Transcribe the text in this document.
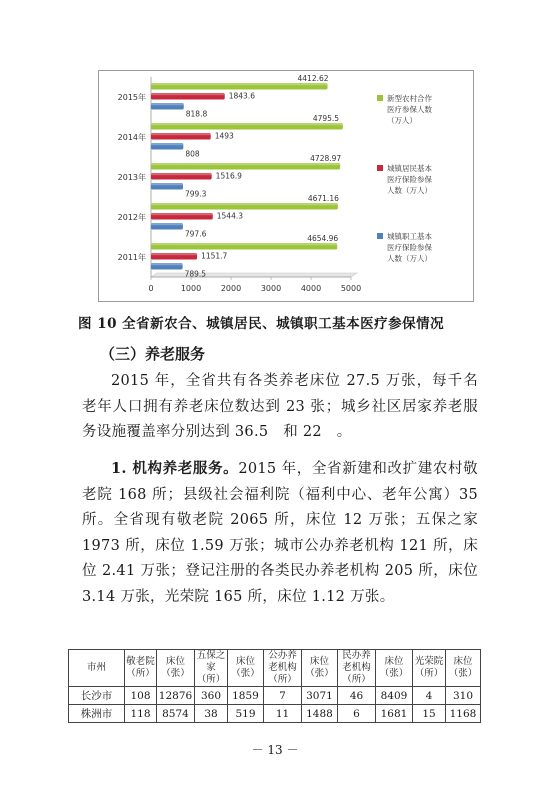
0	1000 2000 3000 4000 5000
2011年
4654.96
1151.7
789.5
2012年
4671.16
1544.3
797.6
2013年
4728.97
1516.9
799.3
2014年
4795.5
1493
808
2015年
4412.62
1843.6
818.8
新型农村合作
医疗参保人数
（万人）
城镇居民基本
医疗保险参保
人数（万人）
城镇职工基本
医疗保险参保
人数（万人）
图 10 全省新农合、城镇居民、城镇职工基本医疗参保情况
（三）养老服务

2015 年，全省共有各类养老床位 27.5 万张，每千名老年人口拥有养老床位数达到 23 张；城乡社区居家养老服务设施覆盖率分别达到 36.5　和 22　。

1. 机构养老服务。2015 年，全省新建和改扩建农村敬老院 168 所；县级社会福利院（福利中心、老年公寓）35 所。全省现有敬老院 2065 所，床位 12 万张；五保之家 1973 所，床位 1.59 万张；城市公办养老机构 121 所，床位 2.41 万张；登记注册的各类民办养老机构 205 所，床位 3.14 万张，光荣院 165 所，床位 1.12 万张。

市州	敬老院（所）	床位（张）	五保之家（所）	床位（张）	公办养老机构（所）	床位（张）	民办养老机构（所）	床位（张）	光荣院（所）	床位（张）
长沙市	108	12876	360	1859	7	3071	46	8409	4	310
株洲市	118	8574	38	519	11	1488	6	1681	15	1168
－ 13 －
